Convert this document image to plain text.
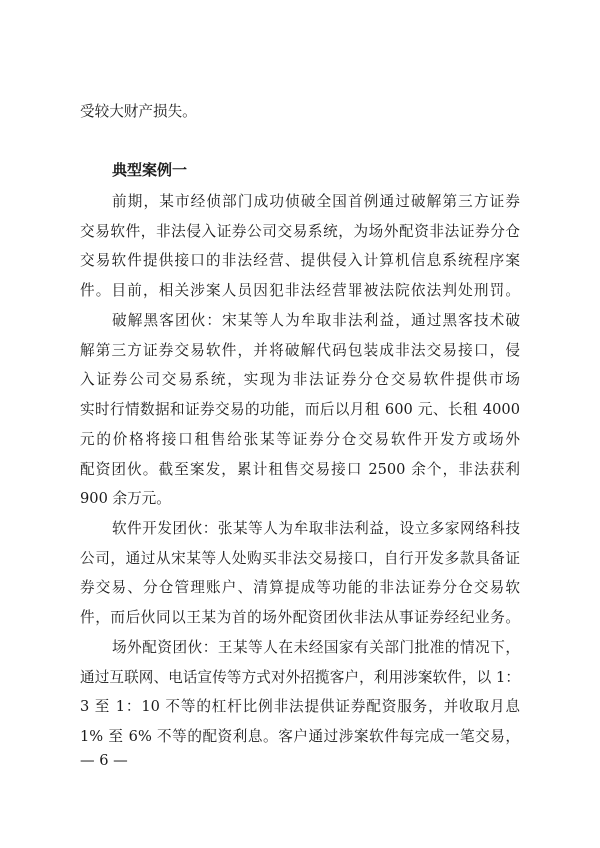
受较大财产损失。

典型案例一

前期，某市经侦部门成功侦破全国首例通过破解第三方证券

交易软件，非法侵入证券公司交易系统，为场外配资非法证券分仓

交易软件提供接口的非法经营、提供侵入计算机信息系统程序案

件。目前，相关涉案人员因犯非法经营罪被法院依法判处刑罚。

破解黑客团伙：宋某等人为牟取非法利益，通过黑客技术破

解第三方证券交易软件，并将破解代码包装成非法交易接口，侵

入证券公司交易系统，实现为非法证券分仓交易软件提供市场

实时行情数据和证券交易的功能，而后以月租 600 元、长租 4000

元的价格将接口租售给张某等证券分仓交易软件开发方或场外

配资团伙。截至案发，累计租售交易接口 2500 余个，非法获利

900 余万元。

软件开发团伙：张某等人为牟取非法利益，设立多家网络科技

公司，通过从宋某等人处购买非法交易接口，自行开发多款具备证

券交易、分仓管理账户、清算提成等功能的非法证券分仓交易软

件，而后伙同以王某为首的场外配资团伙非法从事证券经纪业务。

场外配资团伙：王某等人在未经国家有关部门批准的情况下，

通过互联网、电话宣传等方式对外招揽客户，利用涉案软件，以 1：

3 至 1：10 不等的杠杆比例非法提供证券配资服务，并收取月息

1% 至 6% 不等的配资利息。客户通过涉案软件每完成一笔交易，

— 6 —
